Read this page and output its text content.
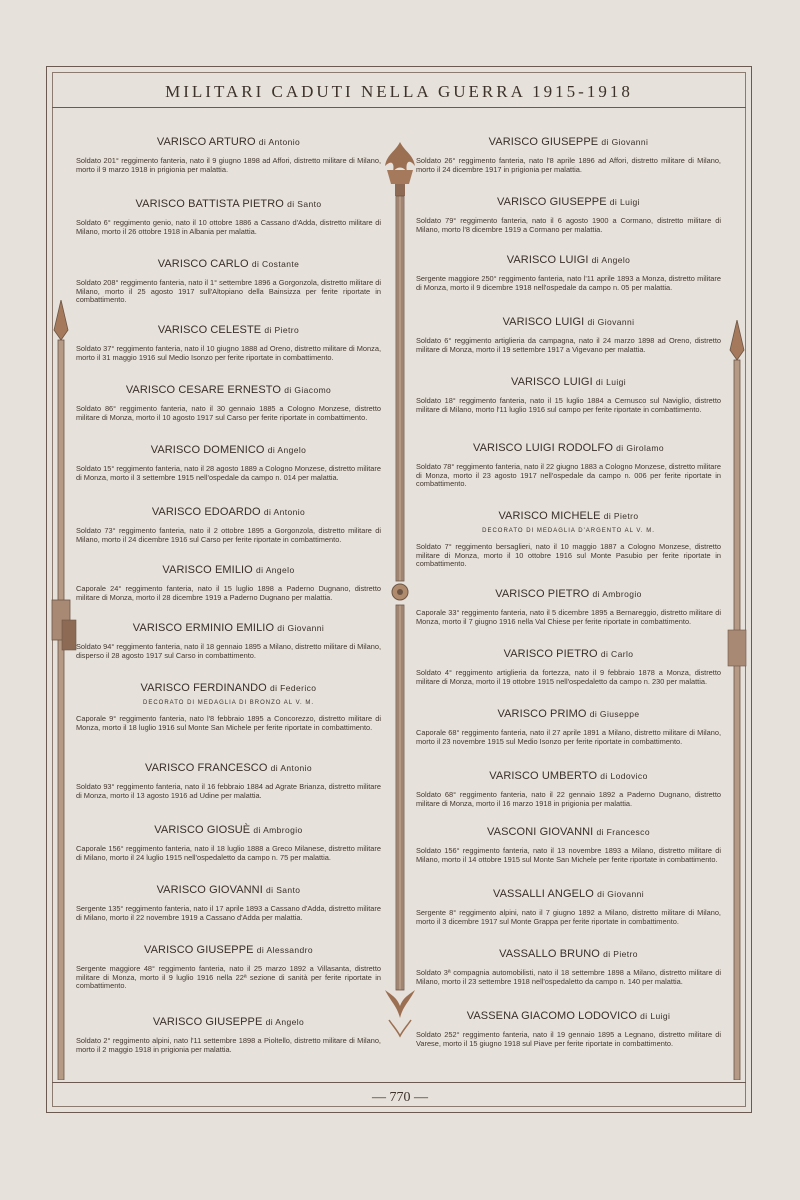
MILITARI CADUTI NELLA GUERRA 1915-1918
VARISCO ARTURO di Antonio
Soldato 201° reggimento fanteria, nato il 9 giugno 1898 ad Affori, distretto militare di Milano, morto il 9 marzo 1918 in prigionia per malattia.
VARISCO BATTISTA PIETRO di Santo
Soldato 6° reggimento genio, nato il 10 ottobre 1886 a Cassano d'Adda, distretto militare di Milano, morto il 26 ottobre 1918 in Albania per malattia.
VARISCO CARLO di Costante
Soldato 208° reggimento fanteria, nato il 1° settembre 1896 a Gorgonzola, distretto militare di Milano, morto il 25 agosto 1917 sull'Altopiano della Bainsizza per ferite riportate in combattimento.
VARISCO CELESTE di Pietro
Soldato 37° reggimento fanteria, nato il 10 giugno 1888 ad Oreno, distretto militare di Monza, morto il 31 maggio 1916 sul Medio Isonzo per ferite riportate in combattimento.
VARISCO CESARE ERNESTO di Giacomo
Soldato 86° reggimento fanteria, nato il 30 gennaio 1885 a Cologno Monzese, distretto militare di Monza, morto il 10 agosto 1917 sul Carso per ferite riportate in combattimento.
VARISCO DOMENICO di Angelo
Soldato 15° reggimento fanteria, nato il 28 agosto 1889 a Cologno Monzese, distretto militare di Monza, morto il 3 settembre 1915 nell'ospedale da campo n. 014 per malattia.
VARISCO EDOARDO di Antonio
Soldato 73° reggimento fanteria, nato il 2 ottobre 1895 a Gorgonzola, distretto militare di Milano, morto il 24 dicembre 1916 sul Carso per ferite riportate in combattimento.
VARISCO EMILIO di Angelo
Caporale 24° reggimento fanteria, nato il 15 luglio 1898 a Paderno Dugnano, distretto militare di Monza, morto il 28 dicembre 1919 a Paderno Dugnano per malattia.
VARISCO ERMINIO EMILIO di Giovanni
Soldato 94° reggimento fanteria, nato il 18 gennaio 1895 a Milano, distretto militare di Milano, disperso il 28 agosto 1917 sul Carso in combattimento.
VARISCO FERDINANDO di Federico
DECORATO DI MEDAGLIA DI BRONZO AL V. M.
Caporale 9° reggimento fanteria, nato l'8 febbraio 1895 a Concorezzo, distretto militare di Monza, morto il 18 luglio 1916 sul Monte San Michele per ferite riportate in combattimento.
VARISCO FRANCESCO di Antonio
Soldato 93° reggimento fanteria, nato il 16 febbraio 1884 ad Agrate Brianza, distretto militare di Monza, morto il 13 agosto 1916 ad Udine per malattia.
VARISCO GIOSUÈ di Ambrogio
Caporale 156° reggimento fanteria, nato il 18 luglio 1888 a Greco Milanese, distretto militare di Milano, morto il 24 luglio 1915 nell'ospedaletto da campo n. 75 per malattia.
VARISCO GIOVANNI di Santo
Sergente 135° reggimento fanteria, nato il 17 aprile 1893 a Cassano d'Adda, distretto militare di Milano, morto il 22 novembre 1919 a Cassano d'Adda per malattia.
VARISCO GIUSEPPE di Alessandro
Sergente maggiore 48° reggimento fanteria, nato il 25 marzo 1892 a Villasanta, distretto militare di Monza, morto il 9 luglio 1916 nella 22ª sezione di sanità per ferite riportate in combattimento.
VARISCO GIUSEPPE di Angelo
Soldato 2° reggimento alpini, nato l'11 settembre 1898 a Pioltello, distretto militare di Milano, morto il 2 maggio 1918 in prigionia per malattia.
VARISCO GIUSEPPE di Giovanni
Soldato 26° reggimento fanteria, nato l'8 aprile 1896 ad Affori, distretto militare di Milano, morto il 24 dicembre 1917 in prigionia per malattia.
VARISCO GIUSEPPE di Luigi
Soldato 79° reggimento fanteria, nato il 6 agosto 1900 a Cormano, distretto militare di Milano, morto l'8 dicembre 1919 a Cormano per malattia.
VARISCO LUIGI di Angelo
Sergente maggiore 250° reggimento fanteria, nato l'11 aprile 1893 a Monza, distretto militare di Monza, morto il 9 dicembre 1918 nell'ospedale da campo n. 05 per malattia.
VARISCO LUIGI di Giovanni
Soldato 6° reggimento artiglieria da campagna, nato il 24 marzo 1898 ad Oreno, distretto militare di Monza, morto il 19 settembre 1917 a Vigevano per malattia.
VARISCO LUIGI di Luigi
Soldato 18° reggimento fanteria, nato il 15 luglio 1884 a Cernusco sul Naviglio, distretto militare di Milano, morto l'11 luglio 1916 sul campo per ferite riportate in combattimento.
VARISCO LUIGI RODOLFO di Girolamo
Soldato 78° reggimento fanteria, nato il 22 giugno 1883 a Cologno Monzese, distretto militare di Monza, morto il 23 agosto 1917 nell'ospedale da campo n. 006 per ferite riportate in combattimento.
VARISCO MICHELE di Pietro
DECORATO DI MEDAGLIA D'ARGENTO AL V. M.
Soldato 7° reggimento bersaglieri, nato il 10 maggio 1887 a Cologno Monzese, distretto militare di Monza, morto il 10 ottobre 1916 sul Monte Pasubio per ferite riportate in combattimento.
VARISCO PIETRO di Ambrogio
Caporale 33° reggimento fanteria, nato il 5 dicembre 1895 a Bernareggio, distretto militare di Monza, morto il 7 giugno 1916 nella Val Chiese per ferite riportate in combattimento.
VARISCO PIETRO di Carlo
Soldato 4° reggimento artiglieria da fortezza, nato il 9 febbraio 1878 a Monza, distretto militare di Monza, morto il 19 ottobre 1915 nell'ospedaletto da campo n. 230 per malattia.
VARISCO PRIMO di Giuseppe
Caporale 68° reggimento fanteria, nato il 27 aprile 1891 a Milano, distretto militare di Milano, morto il 23 novembre 1915 sul Medio Isonzo per ferite riportate in combattimento.
VARISCO UMBERTO di Lodovico
Soldato 68° reggimento fanteria, nato il 22 gennaio 1892 a Paderno Dugnano, distretto militare di Monza, morto il 16 marzo 1918 in prigionia per malattia.
VASCONI GIOVANNI di Francesco
Soldato 156° reggimento fanteria, nato il 13 novembre 1893 a Milano, distretto militare di Milano, morto il 14 ottobre 1915 sul Monte San Michele per ferite riportate in combattimento.
VASSALLI ANGELO di Giovanni
Sergente 8° reggimento alpini, nato il 7 giugno 1892 a Milano, distretto militare di Milano, morto il 3 dicembre 1917 sul Monte Grappa per ferite riportate in combattimento.
VASSALLO BRUNO di Pietro
Soldato 3ª compagnia automobilisti, nato il 18 settembre 1898 a Milano, distretto militare di Milano, morto il 23 settembre 1918 nell'ospedaletto da campo n. 140 per malattia.
VASSENA GIACOMO LODOVICO di Luigi
Soldato 252° reggimento fanteria, nato il 19 gennaio 1895 a Legnano, distretto militare di Varese, morto il 15 giugno 1918 sul Piave per ferite riportate in combattimento.
— 770 —
